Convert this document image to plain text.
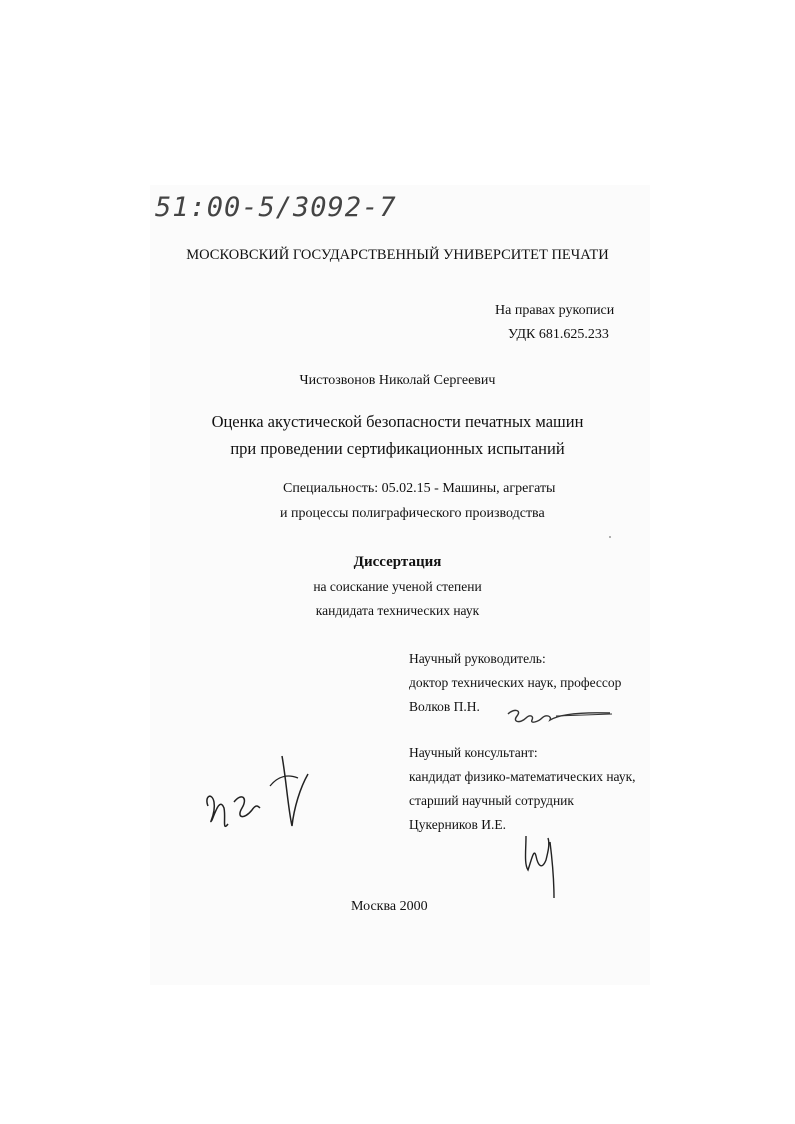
51:00-5/3092-7
МОСКОВСКИЙ ГОСУДАРСТВЕННЫЙ УНИВЕРСИТЕТ ПЕЧАТИ
На правах рукописи
УДК 681.625.233
Чистозвонов Николай Сергеевич
Оценка акустической безопасности печатных машин
при проведении сертификационных испытаний
Специальность: 05.02.15 - Машины, агрегаты
и процессы полиграфического производства
Диссертация
на соискание ученой степени
кандидата технических наук
Научный руководитель:
доктор технических наук, профессор
Волков П.Н.
Научный консультант:
кандидат физико-математических наук,
старший научный сотрудник
Цукерников И.Е.
Москва 2000
